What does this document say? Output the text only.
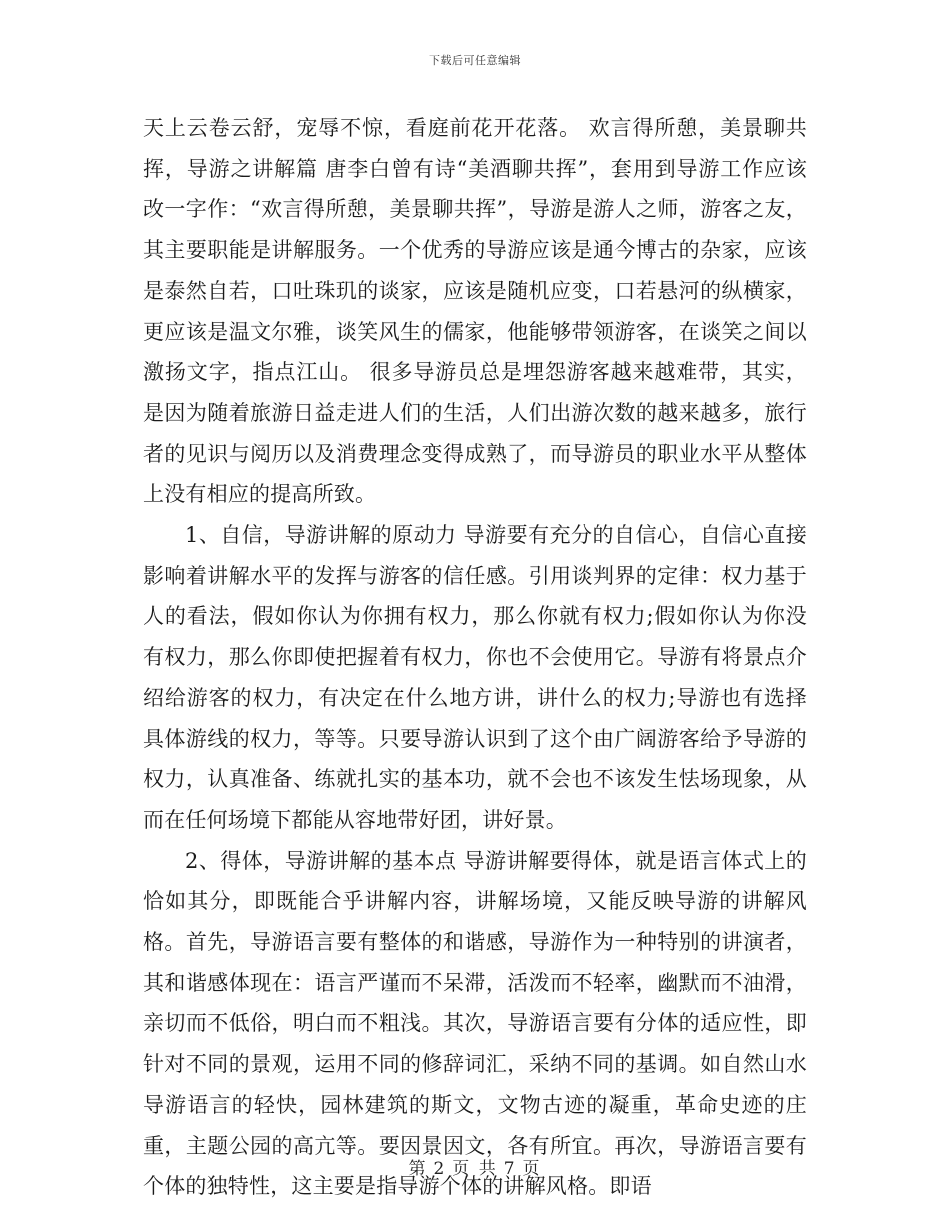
下载后可任意编辑

天上云卷云舒，宠辱不惊，看庭前花开花落。 欢言得所憩，美景聊共挥，导游之讲解篇 唐李白曾有诗“美酒聊共挥”，套用到导游工作应该改一字作：“欢言得所憩，美景聊共挥”，导游是游人之师，游客之友，其主要职能是讲解服务。一个优秀的导游应该是通今博古的杂家，应该是泰然自若，口吐珠玑的谈家，应该是随机应变，口若悬河的纵横家，更应该是温文尔雅，谈笑风生的儒家，他能够带领游客，在谈笑之间以激扬文字，指点江山。 很多导游员总是埋怨游客越来越难带，其实，是因为随着旅游日益走进人们的生活，人们出游次数的越来越多，旅行者的见识与阅历以及消费理念变得成熟了，而导游员的职业水平从整体上没有相应的提高所致。

1、自信，导游讲解的原动力 导游要有充分的自信心，自信心直接影响着讲解水平的发挥与游客的信任感。引用谈判界的定律：权力基于人的看法，假如你认为你拥有权力，那么你就有权力;假如你认为你没有权力，那么你即使把握着有权力，你也不会使用它。导游有将景点介绍给游客的权力，有决定在什么地方讲，讲什么的权力;导游也有选择具体游线的权力，等等。只要导游认识到了这个由广阔游客给予导游的权力，认真准备、练就扎实的基本功，就不会也不该发生怯场现象，从而在任何场境下都能从容地带好团，讲好景。

2、得体，导游讲解的基本点 导游讲解要得体，就是语言体式上的恰如其分，即既能合乎讲解内容，讲解场境，又能反映导游的讲解风格。首先，导游语言要有整体的和谐感，导游作为一种特别的讲演者，其和谐感体现在：语言严谨而不呆滞，活泼而不轻率，幽默而不油滑，亲切而不低俗，明白而不粗浅。其次，导游语言要有分体的适应性，即针对不同的景观，运用不同的修辞词汇，采纳不同的基调。如自然山水导游语言的轻快，园林建筑的斯文，文物古迹的凝重，革命史迹的庄重，主题公园的高亢等。要因景因文，各有所宜。再次，导游语言要有个体的独特性，这主要是指导游个体的讲解风格。即语

第 2 页 共 7 页
